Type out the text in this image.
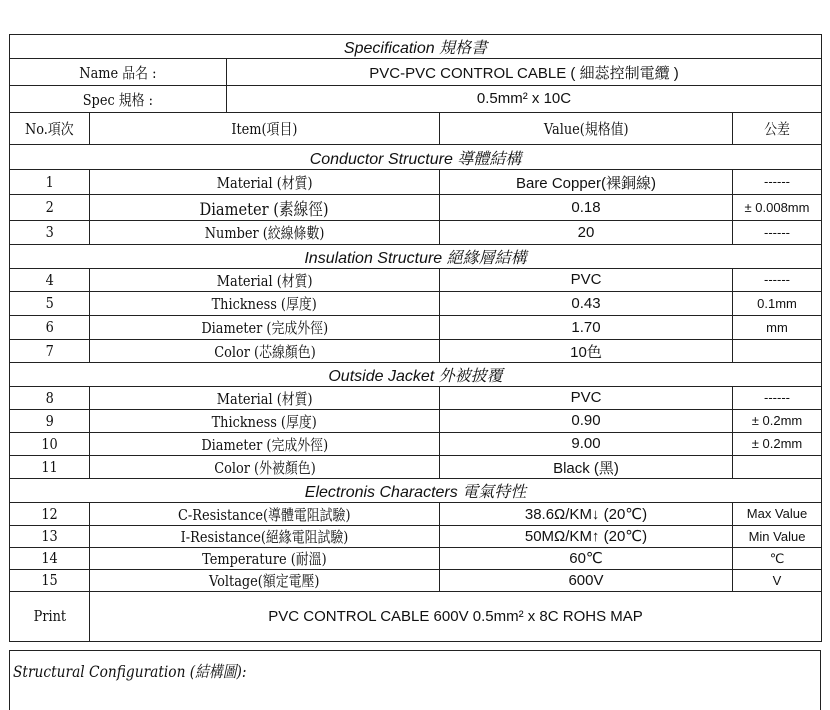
Specification 規格書				
Name 品名 :		PVC-PVC CONTROL CABLE ( 細蕊控制電纜 )		
Spec 規格 :		0.5mm² x 10C		
No.項次	Item(項目)		Value(規格值)	公差
Conductor Structure 導體結構				
1	Material (材質)		Bare Copper(裸銅線)	------
2	Diameter (素線徑)		0.18	± 0.008mm
3	Number (絞線條數)		20	------
Insulation Structure 絕緣層結構				
4	Material (材質)		PVC	------
5	Thickness (厚度)		0.43	0.1mm
6	Diameter (完成外徑)		1.70	mm
7	Color (芯線顏色)		10色	
Outside Jacket 外被披覆				
8	Material (材質)		PVC	------
9	Thickness (厚度)		0.90	± 0.2mm
10	Diameter (完成外徑)		9.00	± 0.2mm
11	Color (外被顏色)		Black (黑)	
Electronis Characters 電氣特性				
12	C-Resistance(導體電阻試驗)		38.6Ω/KM↓ (20℃)	Max Value
13	I-Resistance(絕緣電阻試驗)		50MΩ/KM↑ (20℃)	Min Value
14	Temperature (耐溫)		60℃	℃
15	Voltage(額定電壓)		600V	V
Print	PVC CONTROL CABLE 600V 0.5mm² x 8C ROHS MAP			
Structural Configuration (結構圖):
